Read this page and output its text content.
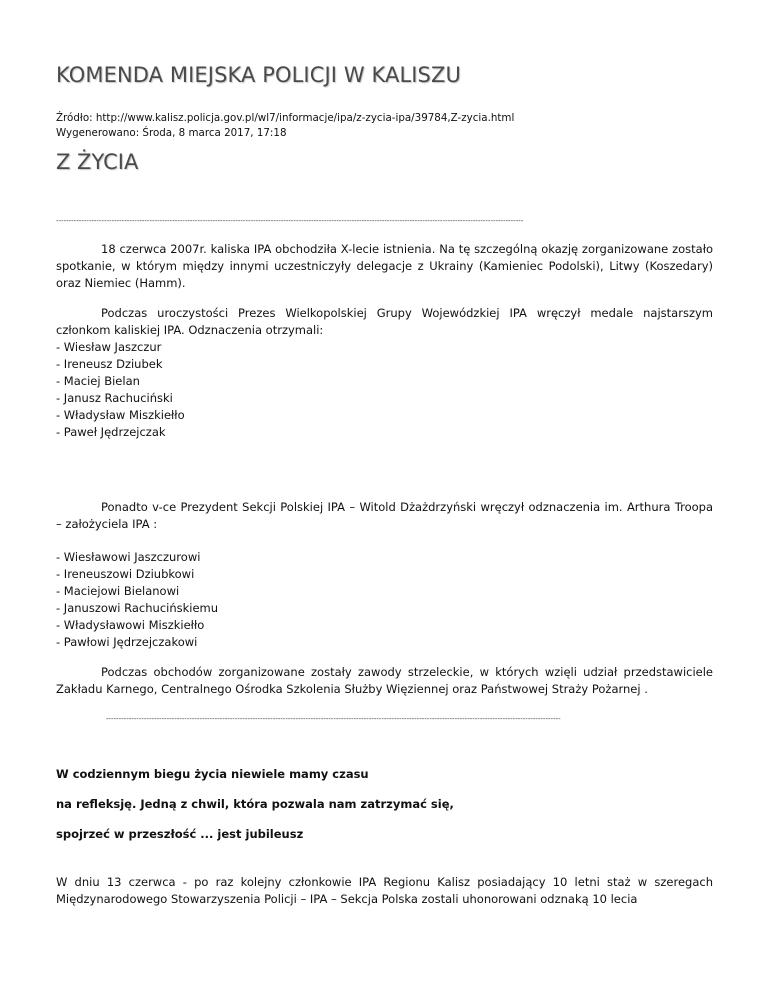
KOMENDA MIEJSKA POLICJI W KALISZU
Źródło: http://www.kalisz.policja.gov.pl/wl7/informacje/ipa/z-zycia-ipa/39784,Z-zycia.html
Wygenerowano: Środa, 8 marca 2017, 17:18
Z ŻYCIA
-----------------------------------------------------------------------------------------------------------------------------------------------------------------------------------------

18 czerwca 2007r. kaliska IPA obchodziła X-lecie istnienia. Na tę szczególną okazję zorganizowane zostało spotkanie, w którym między innymi uczestniczyły delegacje z Ukrainy (Kamieniec Podolski), Litwy (Koszedary) oraz Niemiec (Hamm).

Podczas uroczystości Prezes Wielkopolskiej Grupy Wojewódzkiej IPA wręczył medale najstarszym członkom kaliskiej IPA. Odznaczenia otrzymali:

- Wiesław Jaszczur
- Ireneusz Dziubek
- Maciej Bielan
- Janusz Rachuciński
- Władysław Miszkiełło
- Paweł Jędrzejczak

Ponadto v-ce Prezydent Sekcji Polskiej IPA – Witold Dżażdrzyński wręczył odznaczenia im. Arthura Troopa – założyciela IPA :

- Wiesławowi Jaszczurowi
- Ireneuszowi Dziubkowi
- Maciejowi Bielanowi
- Januszowi Rachucińskiemu
- Władysławowi Miszkiełło
- Pawłowi Jędrzejczakowi

Podczas obchodów zorganizowane zostały zawody strzeleckie, w których wzięli udział przedstawiciele Zakładu Karnego, Centralnego Ośrodka Szkolenia Służby Więziennej oraz Państwowej Straży Pożarnej .

------------------------------------------------------------------------------------------------------------------------------------------------------------------------------------

W codziennym biegu życia niewiele mamy czasu

na refleksję. Jedną z chwil, która pozwala nam zatrzymać się,

spojrzeć w przeszłość ... jest jubileusz

W dniu 13 czerwca - po raz kolejny członkowie IPA Regionu Kalisz posiadający 10 letni staż w szeregach Międzynarodowego Stowarzyszenia Policji – IPA – Sekcja Polska zostali uhonorowani odznaką 10 lecia
